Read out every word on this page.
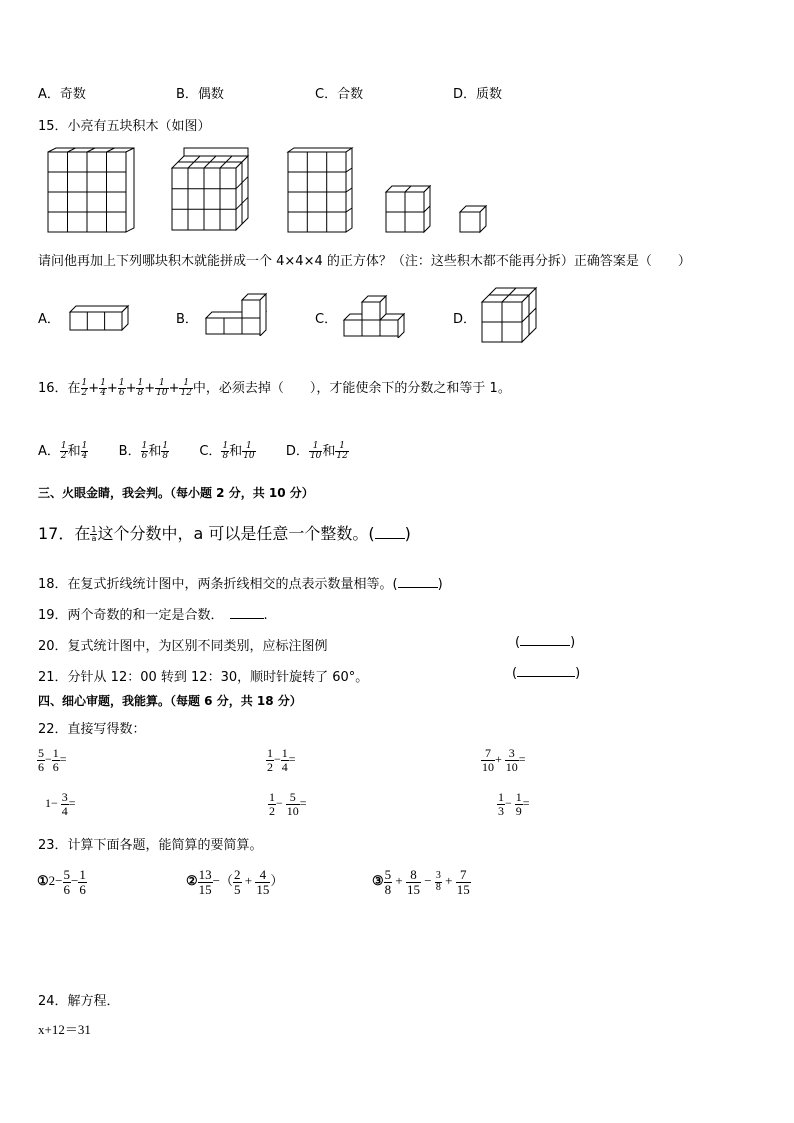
A．奇数	B．偶数	C．合数	D．质数
15．小亮有五块积木（如图）
请问他再加上下列哪块积木就能拼成一个 4×4×4 的正方体？（注：这些积木都不能再分拆）正确答案是（　　）
A．	B．	C．	D．
16．在 $\frac{1}{2} + \frac{1}{4} + \frac{1}{6} + \frac{1}{8} + \frac{1}{10} + \frac{1}{12}$ 中，必须去掉（　　），才能使余下的分数之和等于 1。
A． $\frac{1}{2}$ 和 $\frac{1}{4}$ B． $\frac{1}{6}$ 和 $\frac{1}{8}$ C． $\frac{1}{8}$ 和 $\frac{1}{10}$ D． $\frac{1}{10}$ 和 $\frac{1}{12}$
三、火眼金睛，我会判。（每小题 2 分，共 10 分）
17．在 $\frac{1}{a}$ 这个分数中，a 可以是任意一个整数。( )
18．在复式折线统计图中，两条折线相交的点表示数量相等。(	)
19．两个奇数的和一定是合数．	.
20．复式统计图中，为区别不同类别，应标注图例	(	)
21．分针从 12：00 转到 12：30，顺时针旋转了 60°。	(	)
四、细心审题，我能算。（每题 6 分，共 18 分）
22．直接写得数：
$\frac{5}{6} - \frac{1}{6}$ =	$\frac{1}{2} - \frac{1}{4}$ =	$\frac{7}{10} + \frac{3}{10}$ =
$1- \frac{3}{4}$ =	$\frac{1}{2} - \frac{5}{10}$ =	$\frac{1}{3} - \frac{1}{9}$ =
23．计算下面各题，能简算的要简算。
①2− $\frac{5}{6} - \frac{1}{6}$	② $\frac{13}{15}$ −（ $\frac{2}{5} + \frac{4}{15}$ ）	③ $\frac{5}{8} + \frac{8}{15} - \frac{3}{8} + \frac{7}{15}$
24．解方程．
x+12＝31
